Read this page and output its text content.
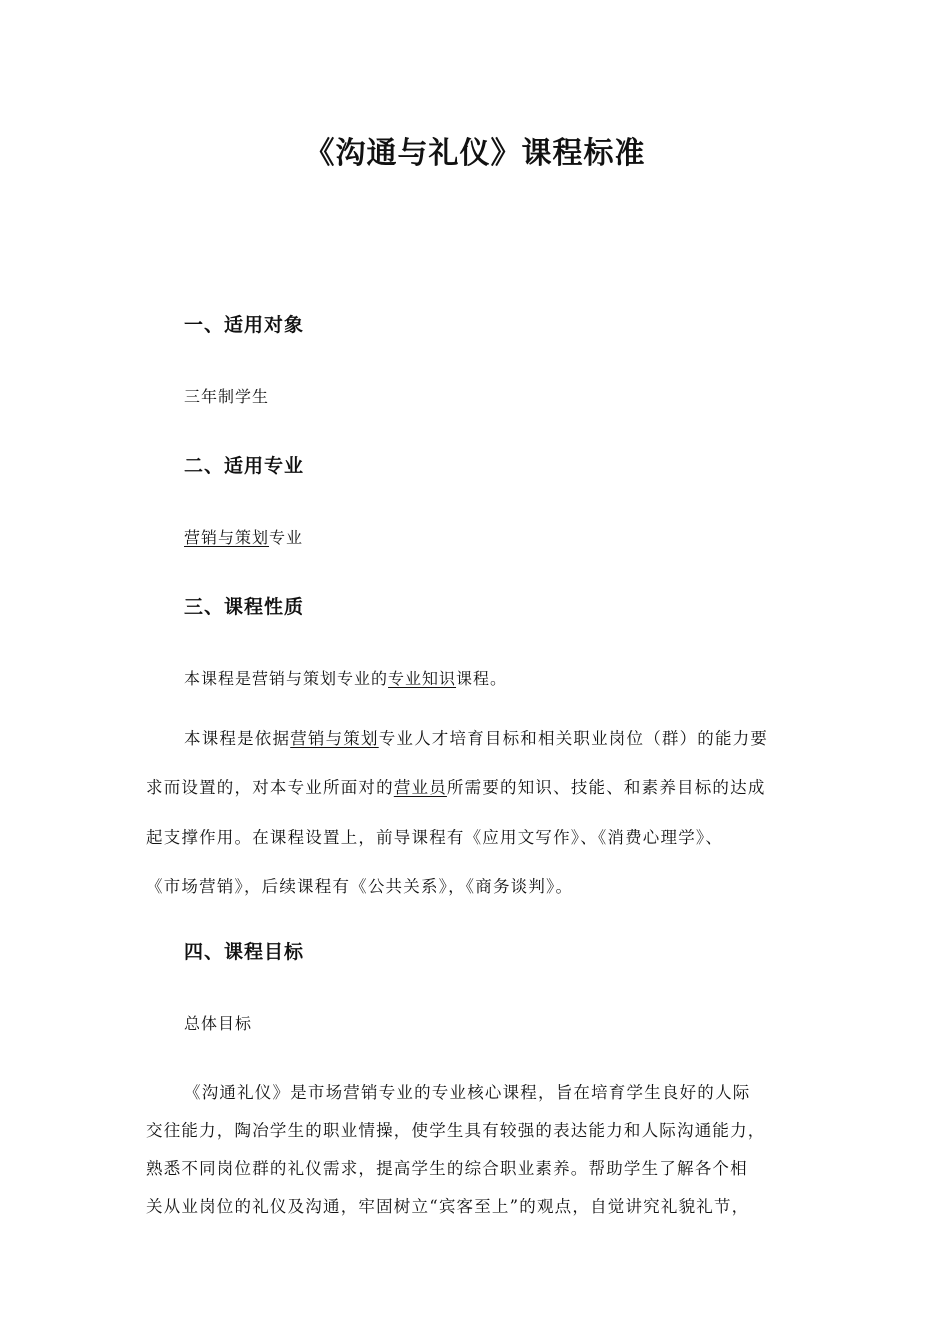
《沟通与礼仪》课程标准
一、适用对象

三年制学生

二、适用专业

营销与策划专业

三、课程性质

本课程是营销与策划专业的专业知识课程。

本课程是依据营销与策划专业人才培育目标和相关职业岗位（群）的能力要

求而设置的，对本专业所面对的营业员所需要的知识、技能、和素养目标的达成

起支撑作用。在课程设置上，前导课程有《应用文写作》、《消费心理学》、

《市场营销》，后续课程有《公共关系》，《商务谈判》。

四、课程目标

总体目标

《沟通礼仪》是市场营销专业的专业核心课程，旨在培育学生良好的人际

交往能力，陶冶学生的职业情操，使学生具有较强的表达能力和人际沟通能力，

熟悉不同岗位群的礼仪需求，提高学生的综合职业素养。帮助学生了解各个相

关从业岗位的礼仪及沟通，牢固树立“宾客至上”的观点，自觉讲究礼貌礼节，
